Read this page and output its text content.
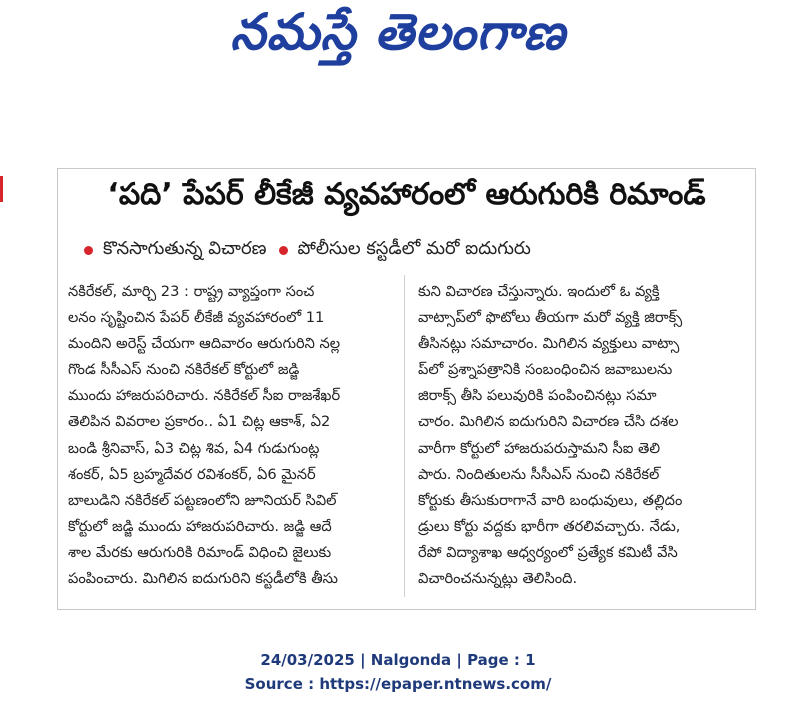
నమస్తే తెలంగాణ
‘పది’ పేపర్ లీకేజీ వ్యవహారంలో ఆరుగురికి రిమాండ్
కొనసాగుతున్న విచారణ పోలీసుల కస్టడీలో మరో ఐదుగురు
నకిరేకల్, మార్చి 23 : రాష్ట్ర వ్యాప్తంగా సంచ
లనం సృష్టించిన పేపర్ లీకేజీ వ్యవహారంలో 11
మందిని అరెస్ట్ చేయగా ఆదివారం ఆరుగురిని నల్ల
గొండ సీసీఎస్ నుంచి నకిరేకల్ కోర్టులో జడ్జి
ముందు హాజరుపరిచారు. నకిరేకల్ సీఐ రాజశేఖర్
తెలిపిన వివరాల ప్రకారం.. ఏ1 చిట్ల ఆకాశ్, ఏ2
బండి శ్రీనివాస్, ఏ3 చిట్ల శివ, ఏ4 గుడుగుంట్ల
శంకర్, ఏ5 బ్రహ్మదేవర రవిశంకర్, ఏ6 మైనర్
బాలుడిని నకిరేకల్ పట్టణంలోని జూనియర్ సివిల్
కోర్టులో జడ్జి ముందు హాజరుపరిచారు. జడ్జి ఆదే
శాల మేరకు ఆరుగురికి రిమాండ్ విధించి జైలుకు
పంపించారు. మిగిలిన ఐదుగురిని కస్టడీలోకి తీసు
కుని విచారణ చేస్తున్నారు. ఇందులో ఓ వ్యక్తి
వాట్సాప్‌లో ఫొటోలు తీయగా మరో వ్యక్తి జిరాక్స్
తీసినట్లు సమాచారం. మిగిలిన వ్యక్తులు వాట్సా
ప్‌లో ప్రశ్నాపత్రానికి సంబంధించిన జవాబులను
జిరాక్స్ తీసి పలువురికి పంపించినట్లు సమా
చారం. మిగిలిన ఐదుగురిని విచారణ చేసి దశల
వారీగా కోర్టులో హాజరుపరుస్తామని సీఐ తెలి
పారు. నిందితులను సీసీఎస్ నుంచి నకిరేకల్
కోర్టుకు తీసుకురాగానే వారి బంధువులు, తల్లిదం
డ్రులు కోర్టు వద్దకు భారీగా తరలివచ్చారు. నేడు,
రేపో విద్యాశాఖ ఆధ్వర్యంలో ప్రత్యేక కమిటీ వేసి
విచారించనున్నట్లు తెలిసింది.
24/03/2025 | Nalgonda | Page : 1
Source : https://epaper.ntnews.com/
